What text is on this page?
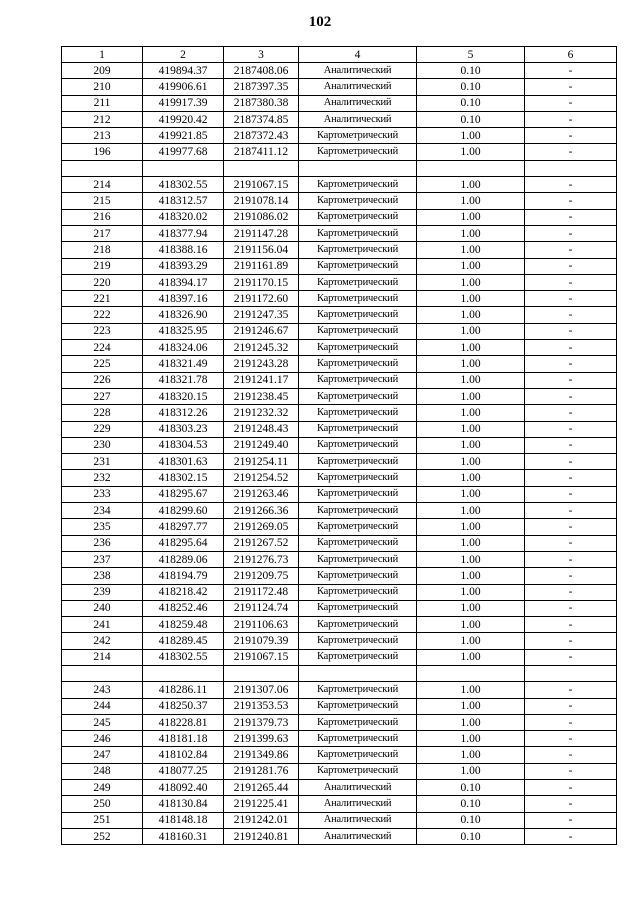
102
1	2	3	4	5	6
209	419894.37	2187408.06	Аналитический	0.10	-
210	419906.61	2187397.35	Аналитический	0.10	-
211	419917.39	2187380.38	Аналитический	0.10	-
212	419920.42	2187374.85	Аналитический	0.10	-
213	419921.85	2187372.43	Картометрический	1.00	-
196	419977.68	2187411.12	Картометрический	1.00	-

214	418302.55	2191067.15	Картометрический	1.00	-
215	418312.57	2191078.14	Картометрический	1.00	-
216	418320.02	2191086.02	Картометрический	1.00	-
217	418377.94	2191147.28	Картометрический	1.00	-
218	418388.16	2191156.04	Картометрический	1.00	-
219	418393.29	2191161.89	Картометрический	1.00	-
220	418394.17	2191170.15	Картометрический	1.00	-
221	418397.16	2191172.60	Картометрический	1.00	-
222	418326.90	2191247.35	Картометрический	1.00	-
223	418325.95	2191246.67	Картометрический	1.00	-
224	418324.06	2191245.32	Картометрический	1.00	-
225	418321.49	2191243.28	Картометрический	1.00	-
226	418321.78	2191241.17	Картометрический	1.00	-
227	418320.15	2191238.45	Картометрический	1.00	-
228	418312.26	2191232.32	Картометрический	1.00	-
229	418303.23	2191248.43	Картометрический	1.00	-
230	418304.53	2191249.40	Картометрический	1.00	-
231	418301.63	2191254.11	Картометрический	1.00	-
232	418302.15	2191254.52	Картометрический	1.00	-
233	418295.67	2191263.46	Картометрический	1.00	-
234	418299.60	2191266.36	Картометрический	1.00	-
235	418297.77	2191269.05	Картометрический	1.00	-
236	418295.64	2191267.52	Картометрический	1.00	-
237	418289.06	2191276.73	Картометрический	1.00	-
238	418194.79	2191209.75	Картометрический	1.00	-
239	418218.42	2191172.48	Картометрический	1.00	-
240	418252.46	2191124.74	Картометрический	1.00	-
241	418259.48	2191106.63	Картометрический	1.00	-
242	418289.45	2191079.39	Картометрический	1.00	-
214	418302.55	2191067.15	Картометрический	1.00	-

243	418286.11	2191307.06	Картометрический	1.00	-
244	418250.37	2191353.53	Картометрический	1.00	-
245	418228.81	2191379.73	Картометрический	1.00	-
246	418181.18	2191399.63	Картометрический	1.00	-
247	418102.84	2191349.86	Картометрический	1.00	-
248	418077.25	2191281.76	Картометрический	1.00	-
249	418092.40	2191265.44	Аналитический	0.10	-
250	418130.84	2191225.41	Аналитический	0.10	-
251	418148.18	2191242.01	Аналитический	0.10	-
252	418160.31	2191240.81	Аналитический	0.10	-
